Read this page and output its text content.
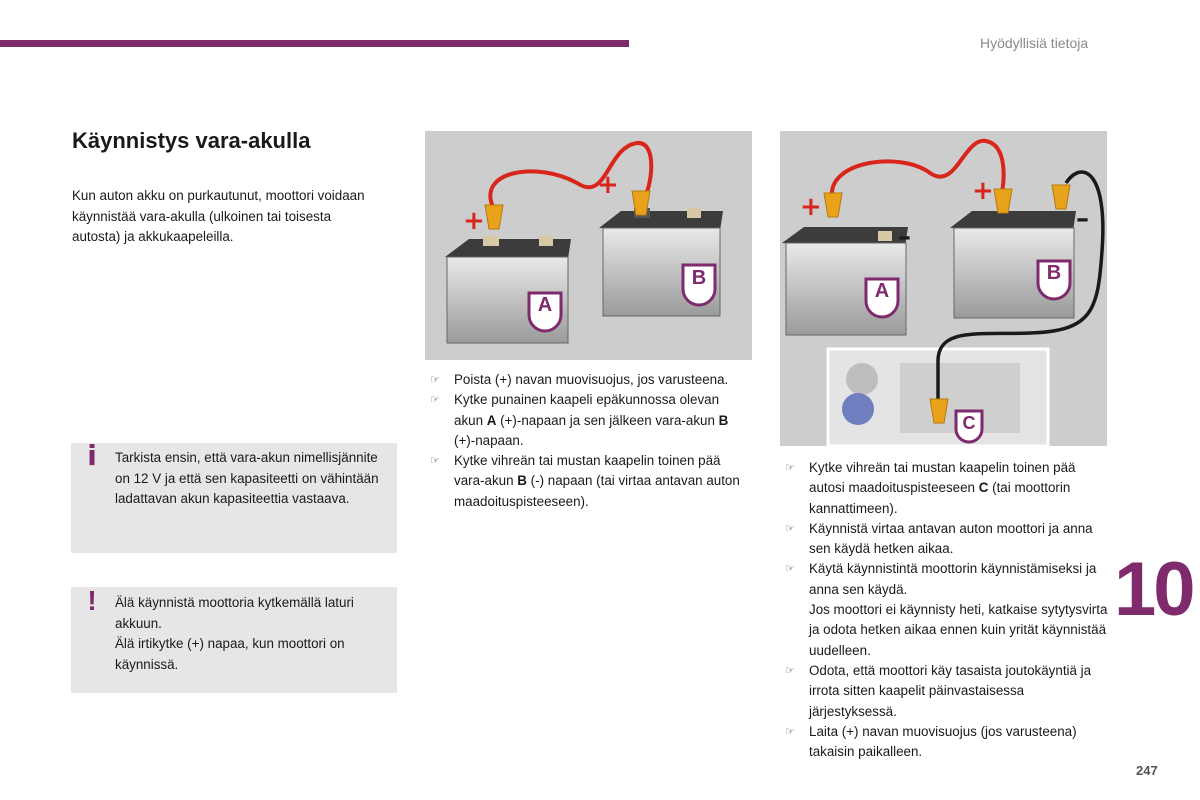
Hyödyllisiä tietoja
Käynnistys vara-akulla
Kun auton akku on purkautunut, moottori voidaan käynnistää vara-akulla (ulkoinen tai toisesta autosta) ja akkukaapeleilla.
i Tarkista ensin, että vara-akun nimellisjännite on 12 V ja että sen kapasiteetti on vähintään ladattavan akun kapasiteettia vastaava.
! Älä käynnistä moottoria kytkemällä laturi akkuun.
Älä irtikytke (+) napaa, kun moottori on käynnissä.
B
A
+
+
B
A
C
+
+
–
–
☞ Poista (+) navan muovisuojus, jos varusteena.
☞ Kytke punainen kaapeli epäkunnossa olevan akun A (+)-napaan ja sen jälkeen vara-akun B (+)-napaan.
☞ Kytke vihreän tai mustan kaapelin toinen pää vara-akun B (-) napaan (tai virtaa antavan auton maadoituspisteeseen).
☞ Kytke vihreän tai mustan kaapelin toinen pää autosi maadoituspisteeseen C (tai moottorin kannattimeen).
☞ Käynnistä virtaa antavan auton moottori ja anna sen käydä hetken aikaa.
☞ Käytä käynnistintä moottorin käynnistämiseksi ja anna sen käydä.
Jos moottori ei käynnisty heti, katkaise sytytysvirta ja odota hetken aikaa ennen kuin yrität käynnistää uudelleen.
☞ Odota, että moottori käy tasaista joutokäyntiä ja irrota sitten kaapelit päinvastaisessa järjestyksessä.
☞ Laita (+) navan muovisuojus (jos varusteena) takaisin paikalleen.
10
247
